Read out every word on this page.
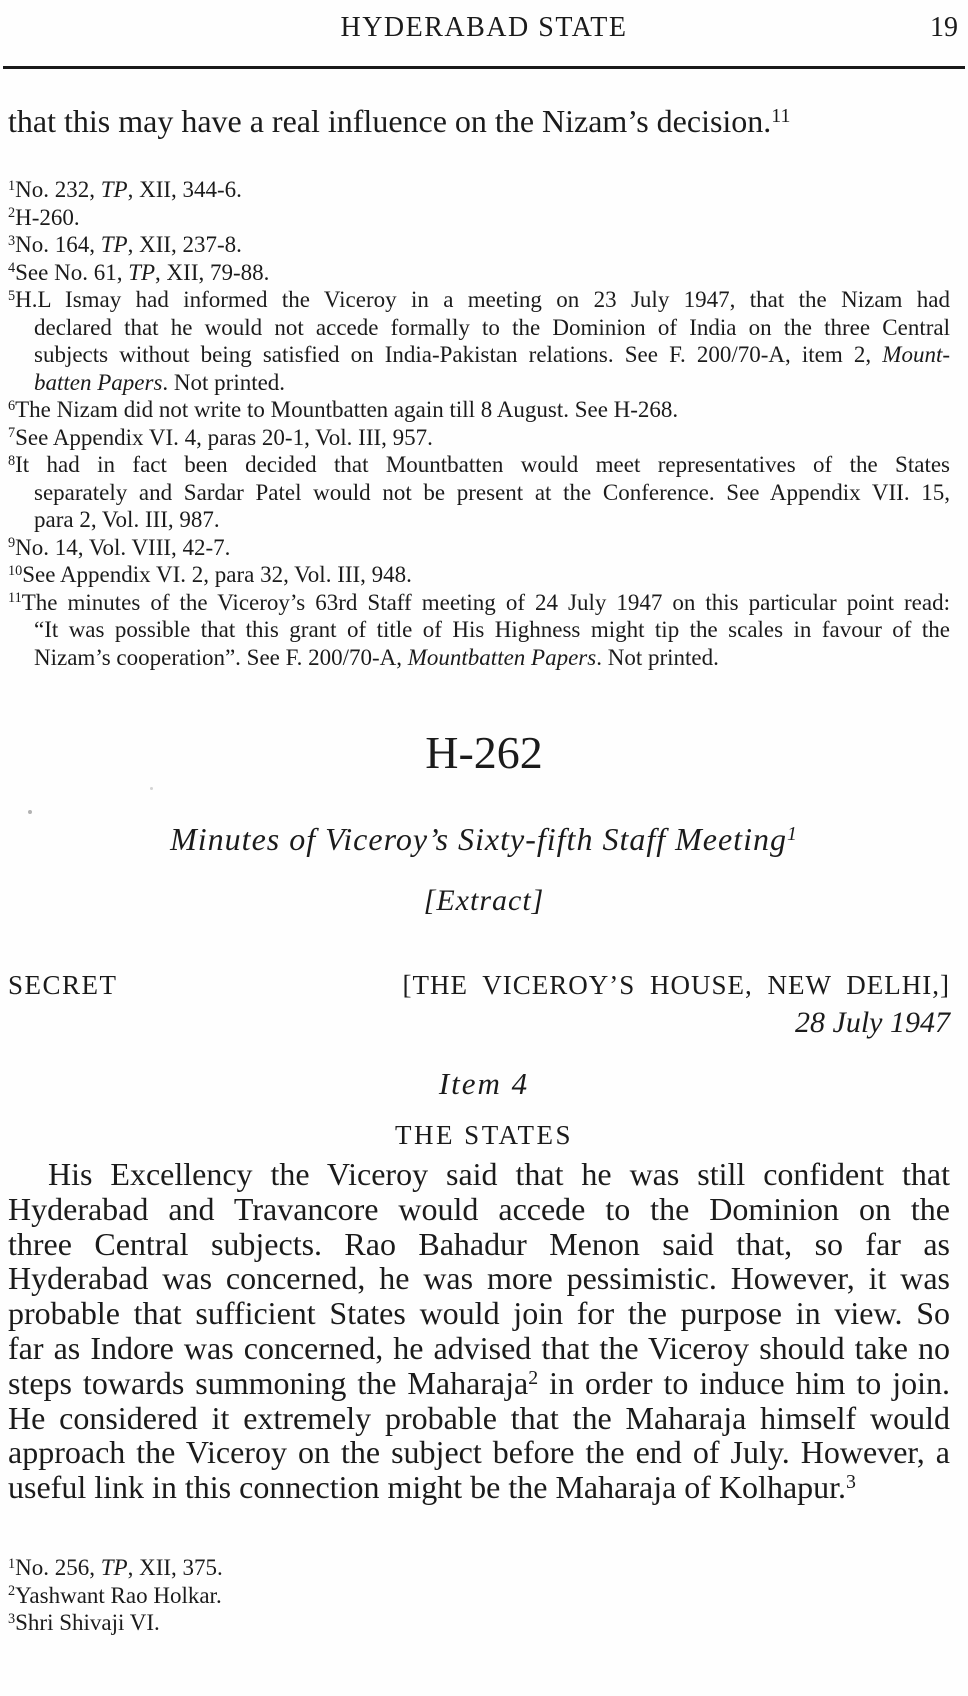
HYDERABAD STATE	19
that this may have a real influence on the Nizam’s decision.$^{11}$
$^1$No. 232, TP, XII, 344-6.
$^2$H-260.
$^3$No. 164, TP, XII, 237-8.
$^4$See No. 61, TP, XII, 79-88.
$^5$H.L Ismay had informed the Viceroy in a meeting on 23 July 1947, that the Nizam had
declared that he would not accede formally to the Dominion of India on the three Central
subjects without being satisfied on India-Pakistan relations. See F. 200/70-A, item 2, Mount-
batten Papers. Not printed.
$^6$The Nizam did not write to Mountbatten again till 8 August. See H-268.
$^7$See Appendix VI. 4, paras 20-1, Vol. III, 957.
$^8$It had in fact been decided that Mountbatten would meet representatives of the States
separately and Sardar Patel would not be present at the Conference. See Appendix VII. 15,
para 2, Vol. III, 987.
$^9$No. 14, Vol. VIII, 42-7.
$^{10}$See Appendix VI. 2, para 32, Vol. III, 948.
$^{11}$The minutes of the Viceroy’s 63rd Staff meeting of 24 July 1947 on this particular point read:
“It was possible that this grant of title of His Highness might tip the scales in favour of the
Nizam’s cooperation”. See F. 200/70-A, Mountbatten Papers. Not printed.
H-262
Minutes of Viceroy’s Sixty-fifth Staff Meeting$^1$
[Extract]
SECRET	[THE VICEROY’S HOUSE, NEW DELHI,]
28 July 1947
Item 4
THE STATES
His Excellency the Viceroy said that he was still confident that
Hyderabad and Travancore would accede to the Dominion on the
three Central subjects. Rao Bahadur Menon said that, so far as
Hyderabad was concerned, he was more pessimistic. However, it was
probable that sufficient States would join for the purpose in view. So
far as Indore was concerned, he advised that the Viceroy should take no
steps towards summoning the Maharaja$^2$ in order to induce him to join.
He considered it extremely probable that the Maharaja himself would
approach the Viceroy on the subject before the end of July. However, a
useful link in this connection might be the Maharaja of Kolhapur.$^3$
$^1$No. 256, TP, XII, 375.
$^2$Yashwant Rao Holkar.
$^3$Shri Shivaji VI.
